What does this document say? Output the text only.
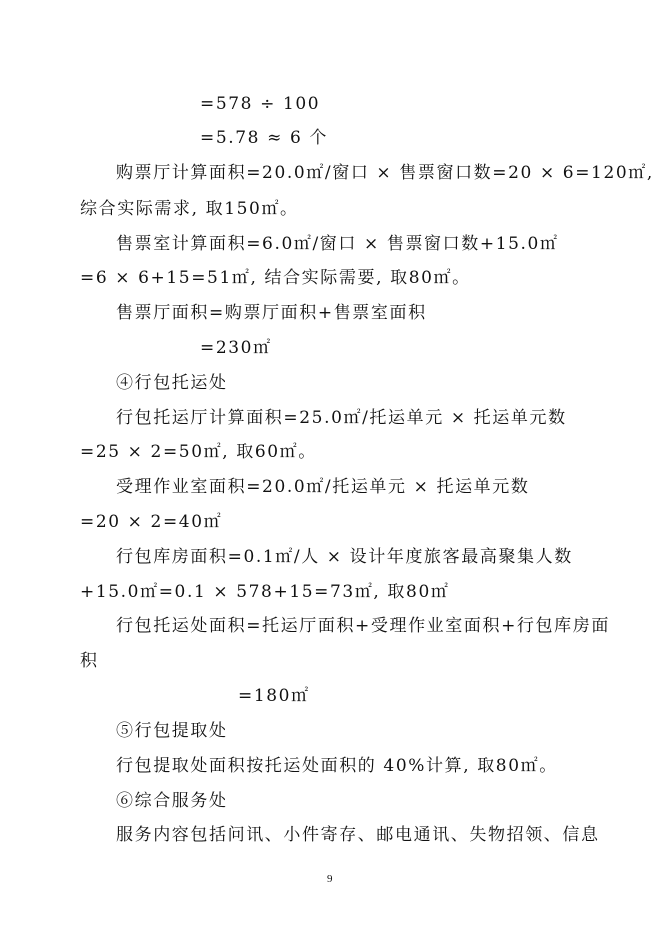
=578 ÷ 100
=5.78 ≈ 6 个
购票厅计算面积=20.0㎡/窗口 × 售票窗口数=20 × 6=120㎡,
综合实际需求, 取150㎡。
售票室计算面积=6.0㎡/窗口 × 售票窗口数+15.0㎡
=6 × 6+15=51㎡, 结合实际需要, 取80㎡。
售票厅面积=购票厅面积+售票室面积
=230㎡
④行包托运处
行包托运厅计算面积=25.0㎡/托运单元 × 托运单元数
=25 × 2=50㎡, 取60㎡。
受理作业室面积=20.0㎡/托运单元 × 托运单元数
=20 × 2=40㎡
行包库房面积=0.1㎡/人 × 设计年度旅客最高聚集人数
+15.0㎡=0.1 × 578+15=73㎡, 取80㎡
行包托运处面积=托运厅面积+受理作业室面积+行包库房面
积
=180㎡
⑤行包提取处
行包提取处面积按托运处面积的 40%计算, 取80㎡。
⑥综合服务处
服务内容包括问讯、小件寄存、邮电通讯、失物招领、信息
9
